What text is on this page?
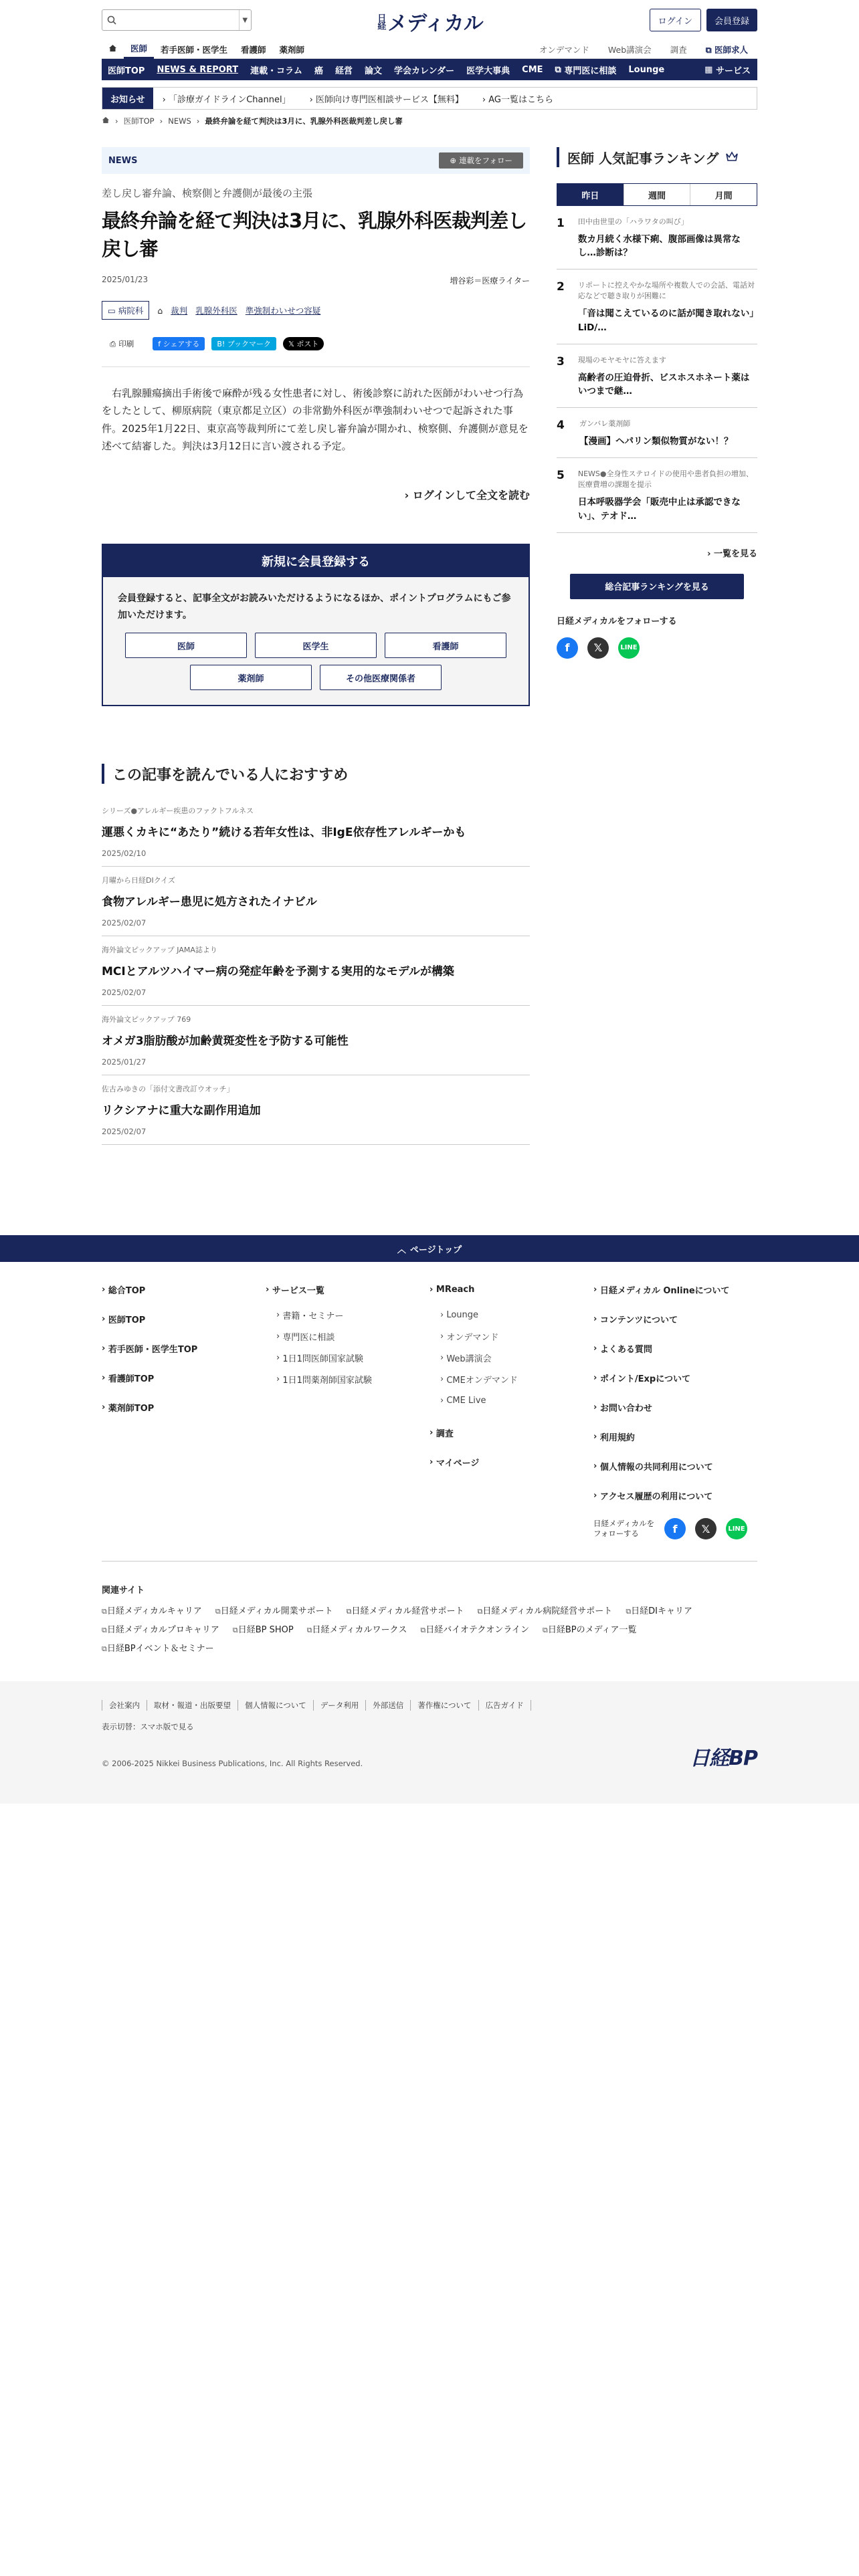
▼	日経 メディカル	ログイン	会員登録
医師	若手医師・医学生	看護師	薬剤師	オンデマンド	Web講演会	調査	⧉ 医師求人
医師TOP	NEWS & REPORT	連載・コラム	癌	経営	論文	学会カレンダー	医学大事典	CME	⧉ 専門医に相談	Lounge	▦ サービス
お知らせ	› 「診療ガイドラインChannel」	› 医師向け専門医相談サービス【無料】	› AG一覧はこちら
› 医師TOP › NEWS › 最終弁論を経て判決は3月に、乳腺外科医裁判差し戻し審
NEWS	⊕ 連載をフォロー
差し戻し審弁論、検察側と弁護側が最後の主張
最終弁論を経て判決は3月に、乳腺外科医裁判差し戻し審
2025/01/23	増谷彩＝医療ライター
▭ 病院科 ⌂ 裁判 乳腺外科医 準強制わいせつ容疑
⎙ 印刷	f シェアする B! ブックマーク 𝕏 ポスト

右乳腺腫瘍摘出手術後で麻酔が残る女性患者に対し、術後診察に訪れた医師がわいせつ行為をしたとして、柳原病院（東京都足立区）の非常勤外科医が準強制わいせつで起訴された事件。2025年1月22日、東京高等裁判所にて差し戻し審弁論が開かれ、検察側、弁護側が意見を述べて結審した。判決は3月12日に言い渡される予定。

› ログインして全文を読む
新規に会員登録する

会員登録すると、記事全文がお読みいただけるようになるほか、ポイントプログラムにもご参加いただけます。

医師	医学生	看護師
薬剤師	その他医療関係者
この記事を読んでいる人におすすめ
シリーズ●アレルギー疾患のファクトフルネス
運悪くカキに“あたり”続ける若年女性は、非IgE依存性アレルギーかも
2025/02/10
月曜から日経DIクイズ
食物アレルギー患児に処方されたイナビル
2025/02/07
海外論文ピックアップ JAMA誌より
MCIとアルツハイマー病の発症年齢を予測する実用的なモデルが構築
2025/02/07
海外論文ピックアップ 769
オメガ3脂肪酸が加齢黄斑変性を予防する可能性
2025/01/27
佐古みゆきの「添付文書改訂ウオッチ」
リクシアナに重大な副作用追加
2025/02/07
医師 人気記事ランキング
昨日	週間	月間
1 田中由世里の「ハラワタの叫び」
数カ月続く水様下痢、腹部画像は異常なし…診断は？
2 リポートに控えやかな場所や複数人での会話、電話対応などで聴き取りが困難に
「音は聞こえているのに話が聞き取れない」LiD/…
3 現場のモヤモヤに答えます
高齢者の圧迫骨折、ビスホスホネート薬はいつまで継…
4 ガンバレ薬剤師
【漫画】ヘパリン類似物質がない！？
5 NEWS●全身性ステロイドの使用や患者負担の増加、医療費増の課題を提示
日本呼吸器学会「販売中止は承認できない」、テオド…
› 一覧を見る
総合記事ランキングを見る
日経メディカルをフォローする
f	𝕏	LINE
︿ ページトップ
› 総合TOP
› 医師TOP
› 若手医師・医学生TOP
› 看護師TOP
› 薬剤師TOP
› サービス一覧
› 書籍・セミナー
› 専門医に相談
› 1日1問医師国家試験
› 1日1問薬剤師国家試験
› MReach
› Lounge
› オンデマンド
› Web講演会
› CMEオンデマンド
› CME Live
› 調査
› マイページ
› 日経メディカル Onlineについて
› コンテンツについて
› よくある質問
› ポイント/Expについて
› お問い合わせ
› 利用規約
› 個人情報の共同利用について
› アクセス履歴の利用について
日経メディカルをフォローする	f	𝕏	LINE
関連サイト
⧉ 日経メディカルキャリア	⧉ 日経メディカル開業サポート	⧉ 日経メディカル経営サポート	⧉ 日経メディカル病院経営サポート	⧉ 日経DIキャリア
⧉ 日経メディカルプロキャリア	⧉ 日経BP SHOP	⧉ 日経メディカルワークス	⧉ 日経バイオテクオンライン	⧉ 日経BPのメディア一覧
⧉ 日経BPイベント＆セミナー
会社案内	取材・報道・出版要望	個人情報について	データ利用	外部送信	著作権について	広告ガイド
表示切替：スマホ版で見る
© 2006-2025 Nikkei Business Publications, Inc. All Rights Reserved.	日経BP
